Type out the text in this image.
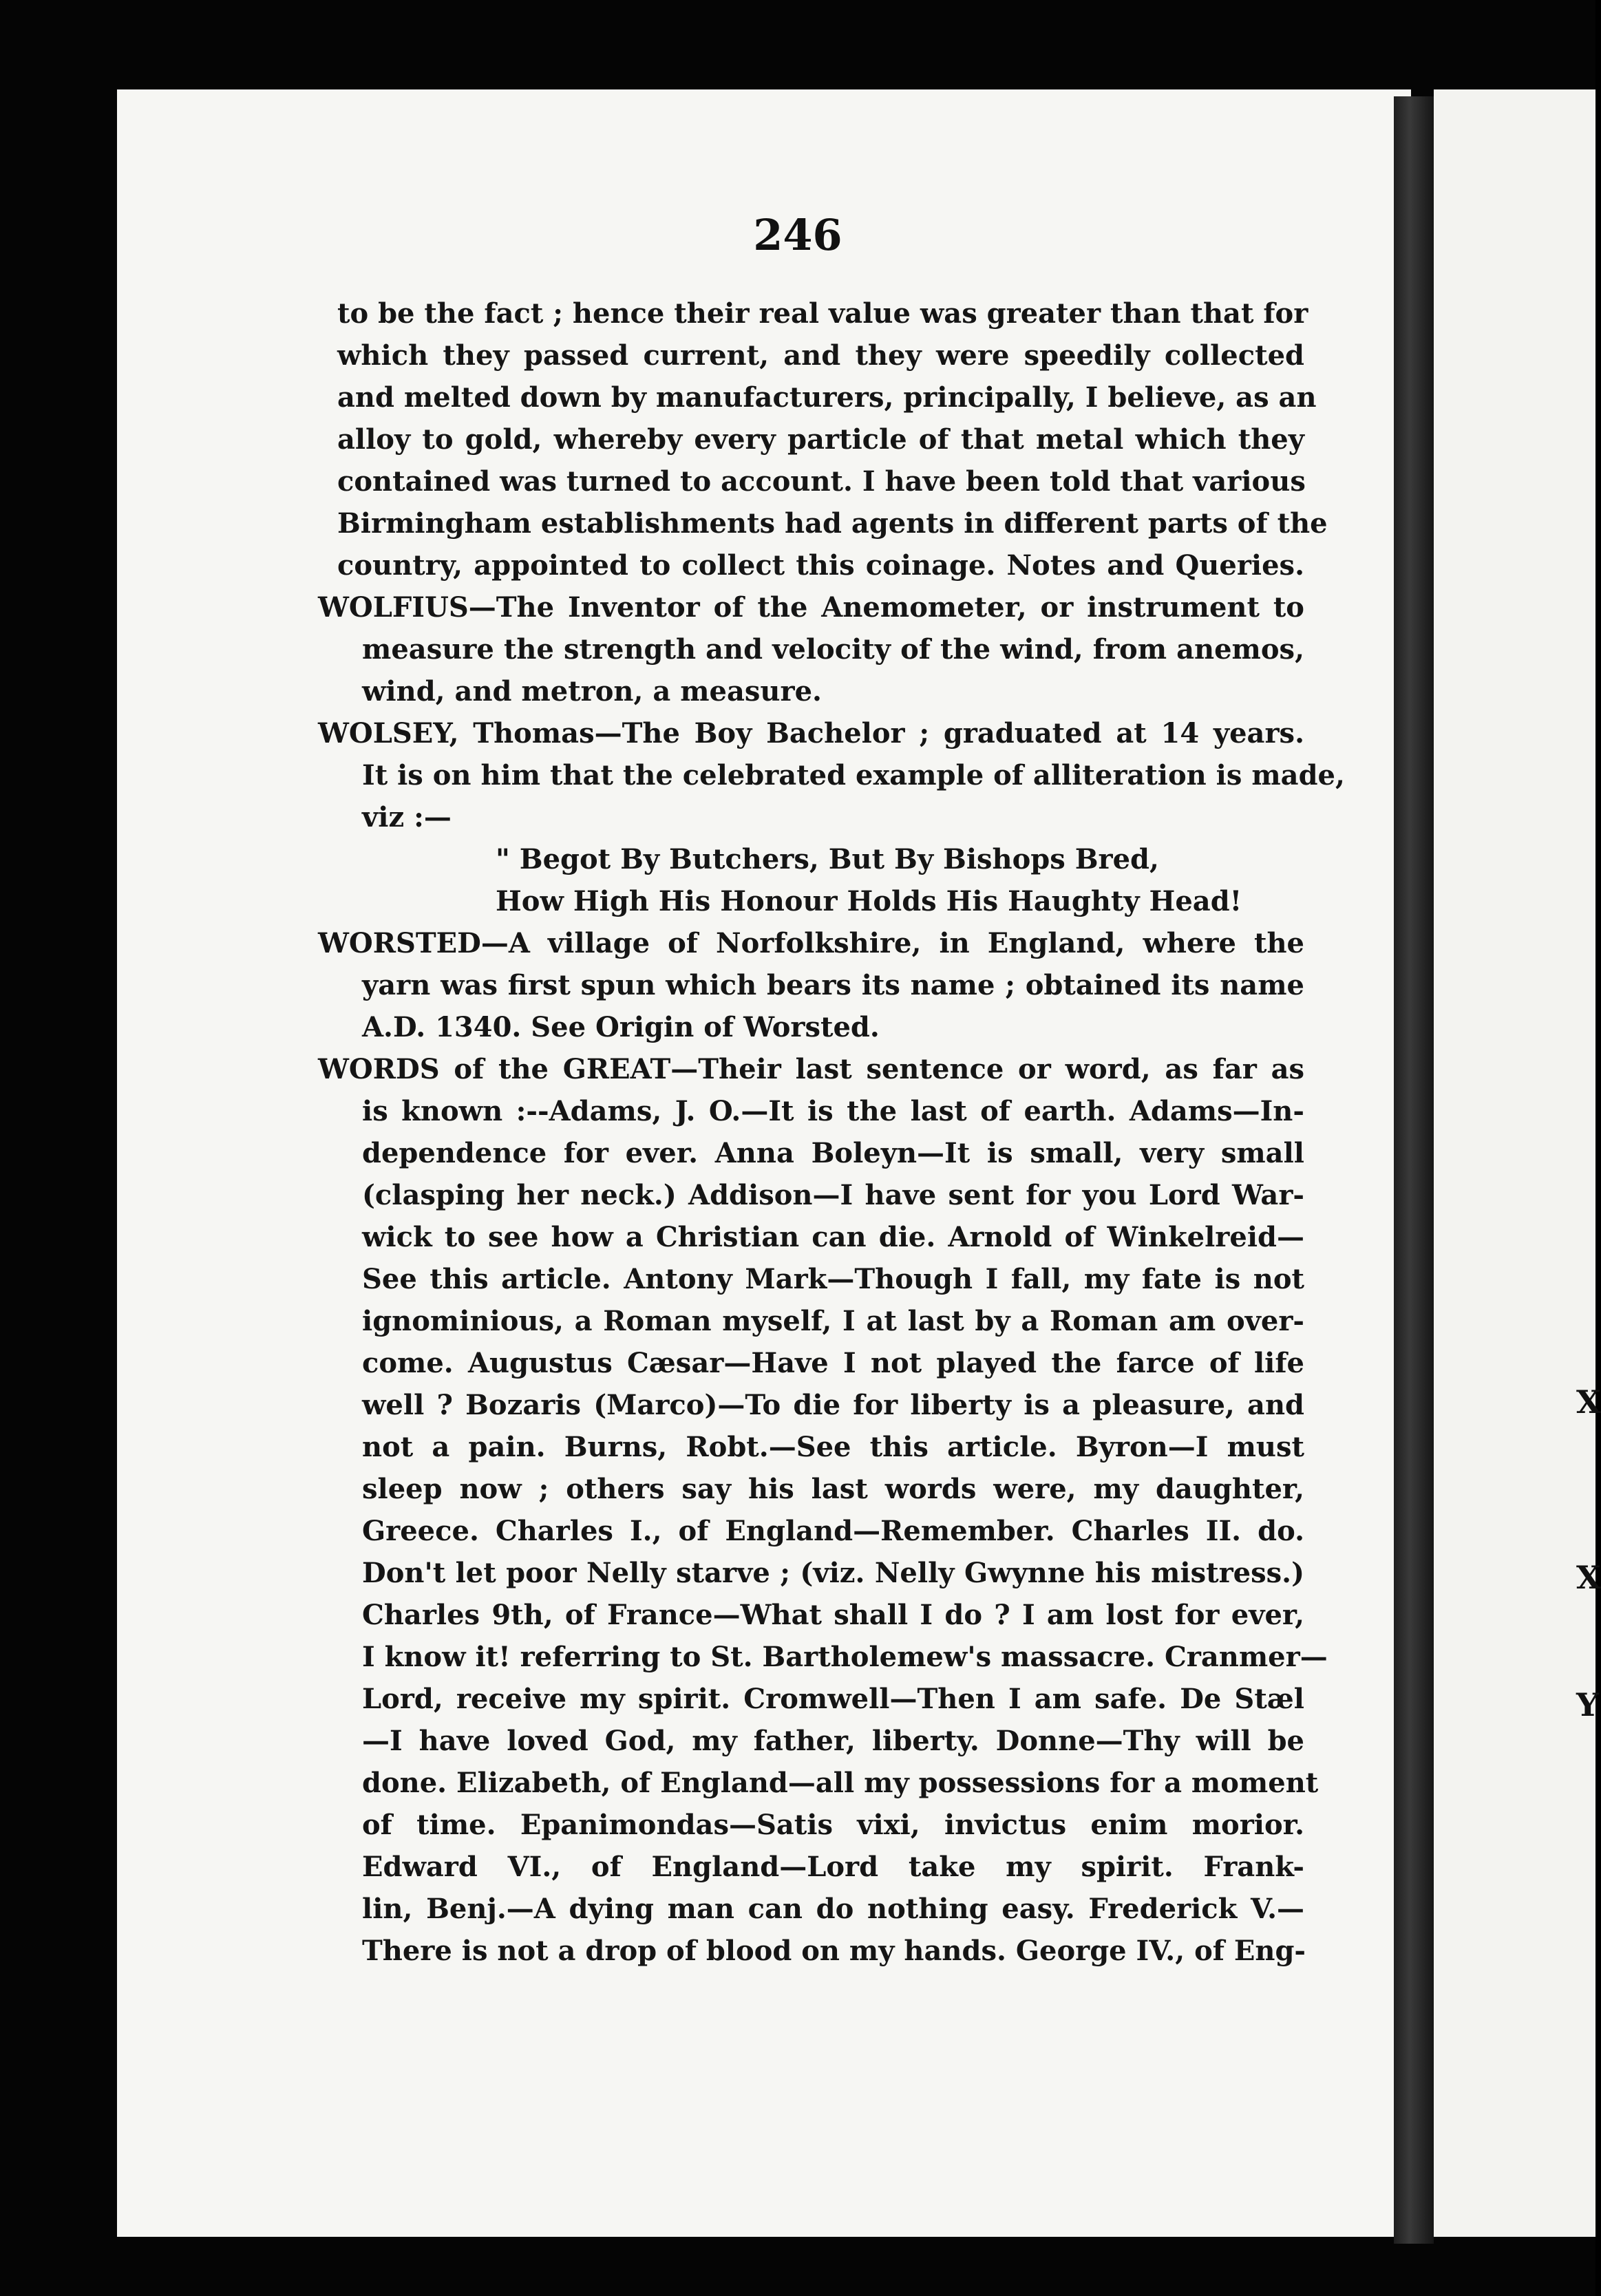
X
X
Y
246
to be the fact ; hence their real value was greater than that for
which they passed current, and they were speedily collected
and melted down by manufacturers, principally, I believe, as an
alloy to gold, whereby every particle of that metal which they
contained was turned to account. I have been told that various
Birmingham establishments had agents in different parts of the
country, appointed to collect this coinage. Notes and Queries.
WOLFIUS—The Inventor of the Anemometer, or instrument to
measure the strength and velocity of the wind, from anemos,
wind, and metron, a measure.
WOLSEY, Thomas—The Boy Bachelor ; graduated at 14 years.
It is on him that the celebrated example of alliteration is made,
viz :—
" Begot By Butchers, But By Bishops Bred,
How High His Honour Holds His Haughty Head!
WORSTED—A village of Norfolkshire, in England, where the
yarn was first spun which bears its name ; obtained its name
A.D. 1340. See Origin of Worsted.
WORDS of the GREAT—Their last sentence or word, as far as
is known :--Adams, J. O.—It is the last of earth. Adams—In-
dependence for ever. Anna Boleyn—It is small, very small
(clasping her neck.) Addison—I have sent for you Lord War-
wick to see how a Christian can die. Arnold of Winkelreid—
See this article. Antony Mark—Though I fall, my fate is not
ignominious, a Roman myself, I at last by a Roman am over-
come. Augustus Cæsar—Have I not played the farce of life
well ? Bozaris (Marco)—To die for liberty is a pleasure, and
not a pain. Burns, Robt.—See this article. Byron—I must
sleep now ; others say his last words were, my daughter,
Greece. Charles I., of England—Remember. Charles II. do.
Don't let poor Nelly starve ; (viz. Nelly Gwynne his mistress.)
Charles 9th, of France—What shall I do ? I am lost for ever,
I know it! referring to St. Bartholemew's massacre. Cranmer—
Lord, receive my spirit. Cromwell—Then I am safe. De Stæl
—I have loved God, my father, liberty. Donne—Thy will be
done. Elizabeth, of England—all my possessions for a moment
of time. Epanimondas—Satis vixi, invictus enim morior.
Edward VI., of England—Lord take my spirit. Frank-
lin, Benj.—A dying man can do nothing easy. Frederick V.—
There is not a drop of blood on my hands. George IV., of Eng-
